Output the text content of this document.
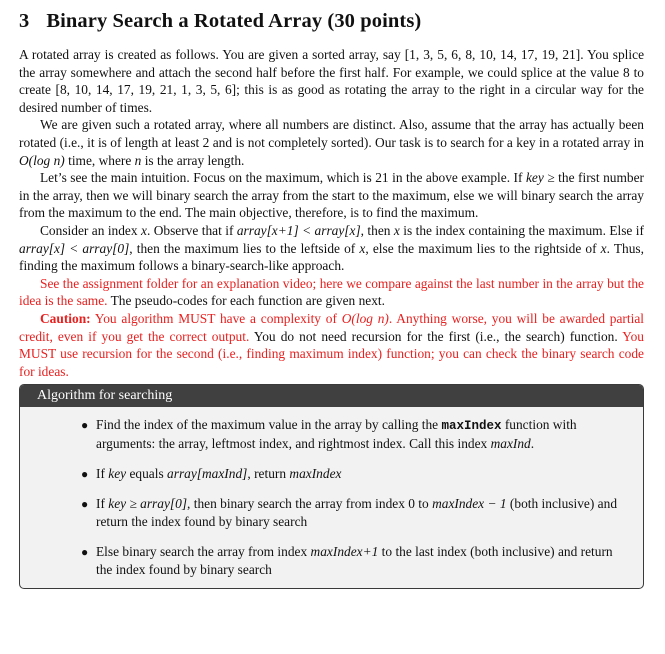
3 Binary Search a Rotated Array (30 points)

A rotated array is created as follows. You are given a sorted array, say [1, 3, 5, 6, 8, 10, 14, 17, 19, 21]. You splice the array somewhere and attach the second half before the first half. For example, we could splice at the value 8 to create [8, 10, 14, 17, 19, 21, 1, 3, 5, 6]; this is as good as rotating the array to the right in a circular way for the desired number of times.

We are given such a rotated array, where all numbers are distinct. Also, assume that the array has actually been rotated (i.e., it is of length at least 2 and is not completely sorted). Our task is to search for a key in a rotated array in O(log n) time, where n is the array length.

Let’s see the main intuition. Focus on the maximum, which is 21 in the above example. If key ≥ the first number in the array, then we will binary search the array from the start to the maximum, else we will binary search the array from the maximum to the end. The main objective, therefore, is to find the maximum.

Consider an index x. Observe that if array[x+1] < array[x], then x is the index containing the maximum. Else if array[x] < array[0], then the maximum lies to the leftside of x, else the maximum lies to the rightside of x. Thus, finding the maximum follows a binary-search-like approach.

See the assignment folder for an explanation video; here we compare against the last number in the array but the idea is the same. The pseudo-codes for each function are given next.

Caution: You algorithm MUST have a complexity of O(log n). Anything worse, you will be awarded partial credit, even if you get the correct output. You do not need recursion for the first (i.e., the search) function. You MUST use recursion for the second (i.e., finding maximum index) function; you can check the binary search code for ideas.

Algorithm for searching
● Find the index of the maximum value in the array by calling the maxIndex function with arguments: the array, leftmost index, and rightmost index. Call this index maxInd.
● If key equals array[maxInd], return maxIndex
● If key ≥ array[0], then binary search the array from index 0 to maxIndex − 1 (both inclusive) and return the index found by binary search
● Else binary search the array from index maxIndex+1 to the last index (both inclusive) and return the index found by binary search
